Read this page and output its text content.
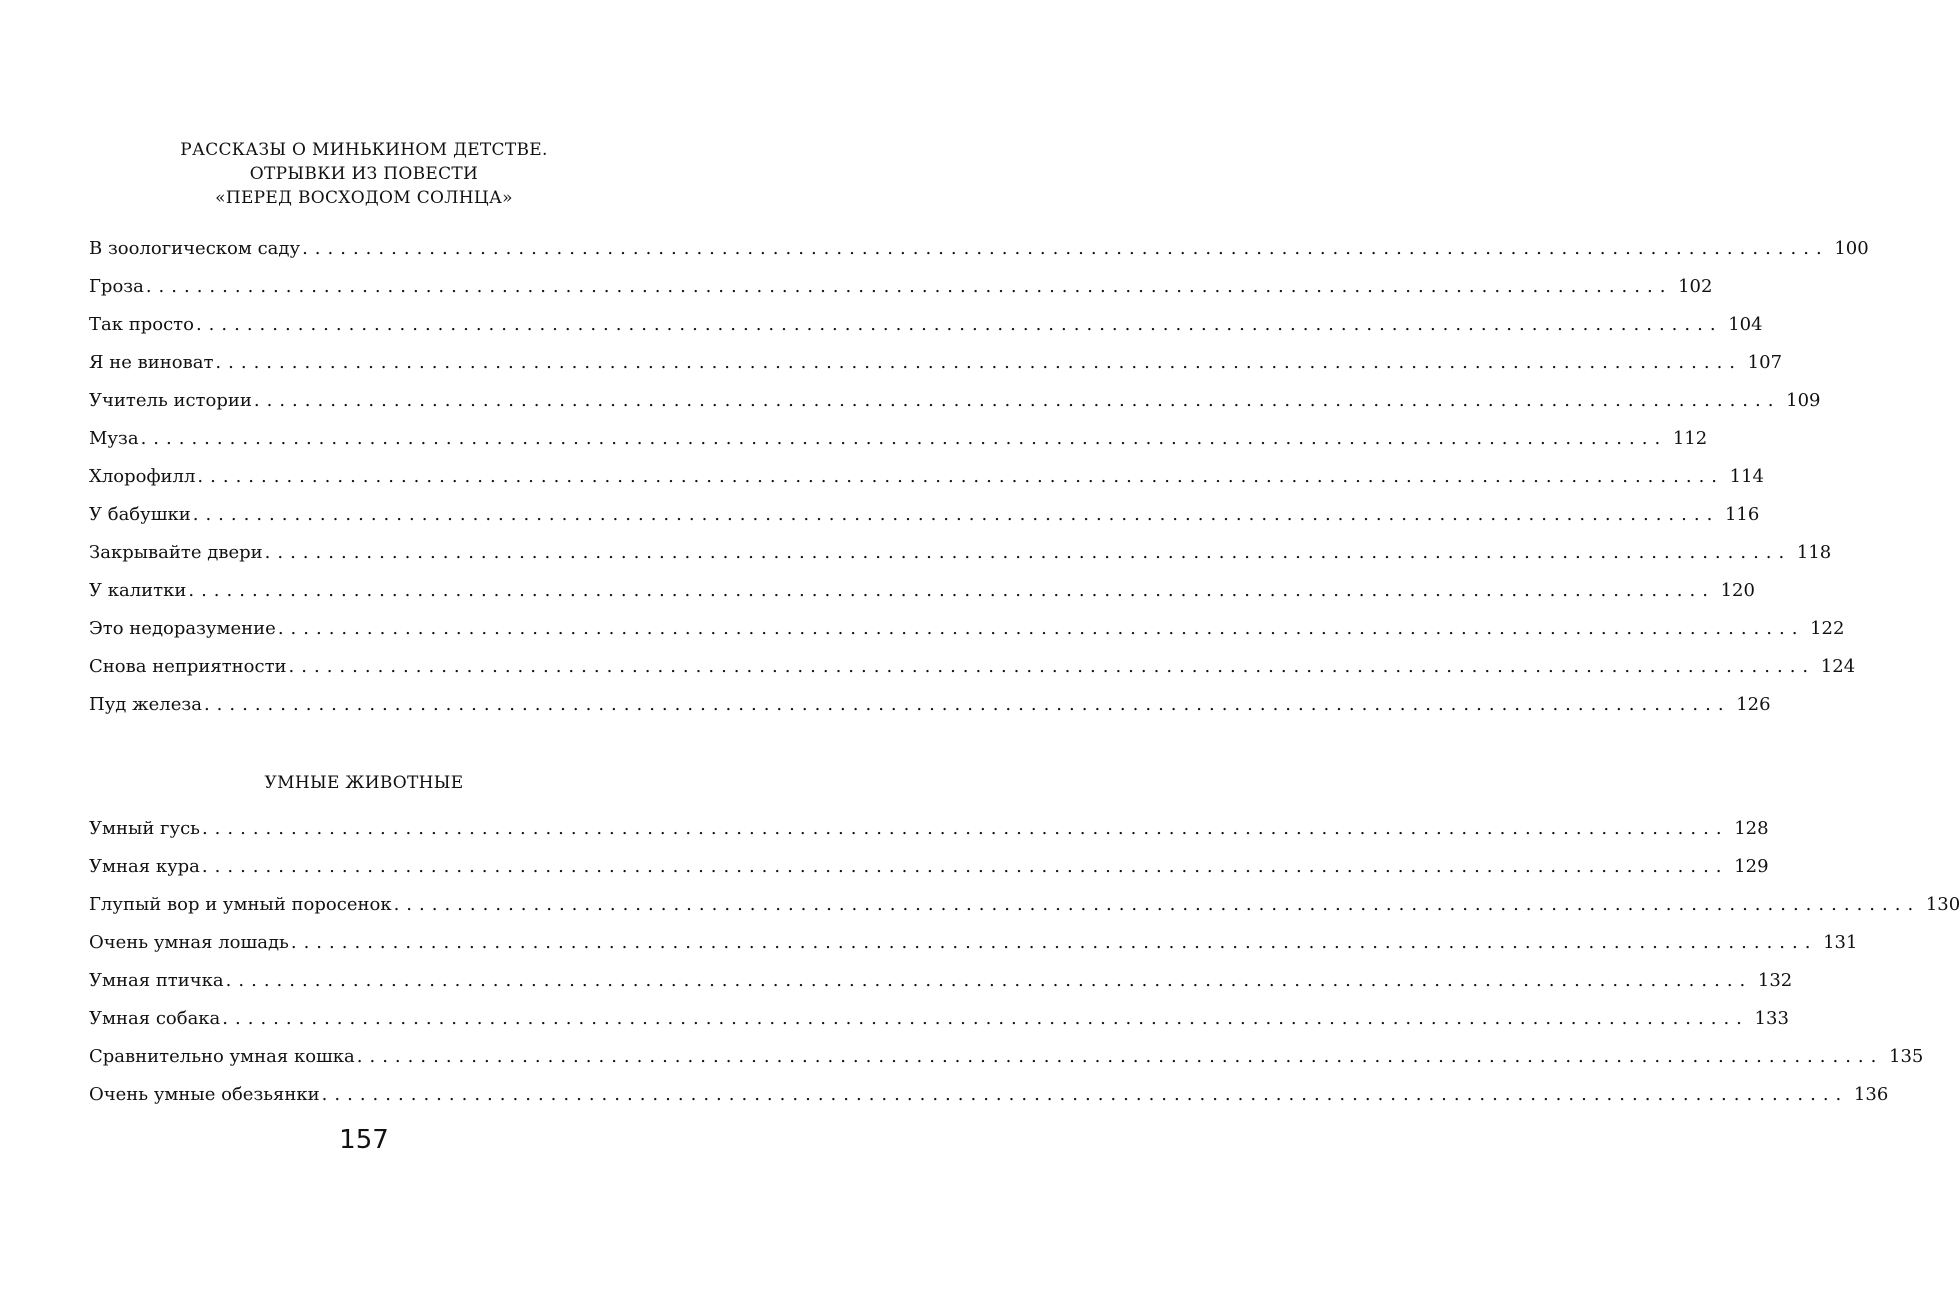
РАССКАЗЫ О МИНЬКИНОМ ДЕТСТВЕ.
ОТРЫВКИ ИЗ ПОВЕСТИ
«ПЕРЕД ВОСХОДОМ СОЛНЦА»
В зоологическом саду ........................................................................................................................ 100
Гроза ........................................................................................................................ 102
Так просто ........................................................................................................................ 104
Я не виноват ........................................................................................................................ 107
Учитель истории ........................................................................................................................ 109
Муза ........................................................................................................................ 112
Хлорофилл ........................................................................................................................ 114
У бабушки ........................................................................................................................ 116
Закрывайте двери ........................................................................................................................ 118
У калитки ........................................................................................................................ 120
Это недоразумение ........................................................................................................................ 122
Снова неприятности ........................................................................................................................ 124
Пуд железа ........................................................................................................................ 126
УМНЫЕ ЖИВОТНЫЕ
Умный гусь ........................................................................................................................ 128
Умная кура ........................................................................................................................ 129
Глупый вор и умный поросенок ........................................................................................................................ 130
Очень умная лошадь ........................................................................................................................ 131
Умная птичка ........................................................................................................................ 132
Умная собака ........................................................................................................................ 133
Сравнительно умная кошка ........................................................................................................................ 135
Очень умные обезьянки ........................................................................................................................ 136
157
